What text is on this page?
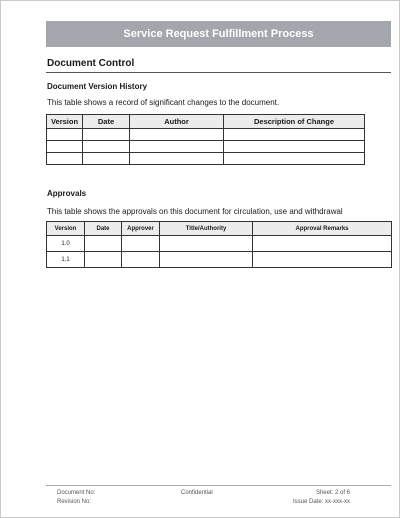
Service Request Fulfillment Process
Document Control
Document Version History
This table shows a record of significant changes to the document.
Version	Date	Author	Description of Change

Approvals
This table shows the approvals on this document for circulation, use and withdrawal
Version	Date	Approver	Title/Authority	Approval Remarks
1.0				
1.1				
Document No:
Revision No:
Confidential	Sheet: 2 of 6
Issue Date: xx-xxx-xx
